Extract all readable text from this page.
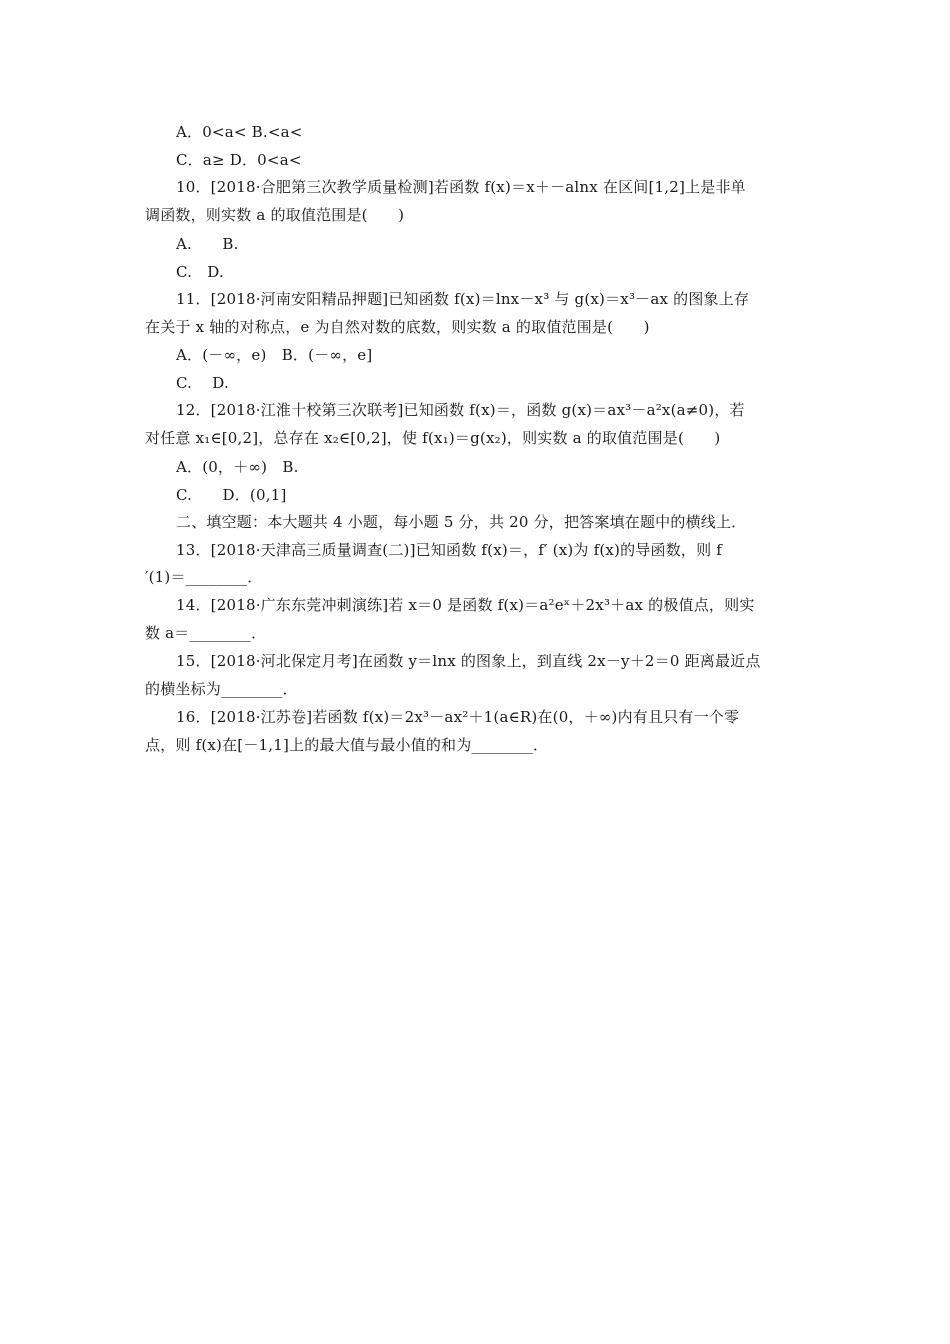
A．0<a< B.<a<
C．a≥ D．0<a<
10．[2018·合肥第三次教学质量检测]若函数 f(x)＝x＋－alnx 在区间[1,2]上是非单
调函数，则实数 a 的取值范围是(　　)
A.　　B.
C.　D.
11．[2018·河南安阳精品押题]已知函数 f(x)＝lnx－x³ 与 g(x)＝x³－ax 的图象上存
在关于 x 轴的对称点，e 为自然对数的底数，则实数 a 的取值范围是(　　)
A．(－∞，e)　B．(－∞，e]
C.　 D.
12．[2018·江淮十校第三次联考]已知函数 f(x)＝，函数 g(x)＝ax³－a²x(a≠0)，若
对任意 x₁∈[0,2]，总存在 x₂∈[0,2]，使 f(x₁)＝g(x₂)，则实数 a 的取值范围是(　　)
A．(0，＋∞)　B.
C.　　D．(0,1]
二、填空题：本大题共 4 小题，每小题 5 分，共 20 分，把答案填在题中的横线上．
13．[2018·天津高三质量调查(二)]已知函数 f(x)＝，f′ (x)为 f(x)的导函数，则 f
′(1)＝________．
14．[2018·广东东莞冲刺演练]若 x＝0 是函数 f(x)＝a²eˣ＋2x³＋ax 的极值点，则实
数 a＝________．
15．[2018·河北保定月考]在函数 y＝lnx 的图象上，到直线 2x－y＋2＝0 距离最近点
的横坐标为________．
16．[2018·江苏卷]若函数 f(x)＝2x³－ax²＋1(a∈R)在(0，＋∞)内有且只有一个零
点，则 f(x)在[－1,1]上的最大值与最小值的和为________．
